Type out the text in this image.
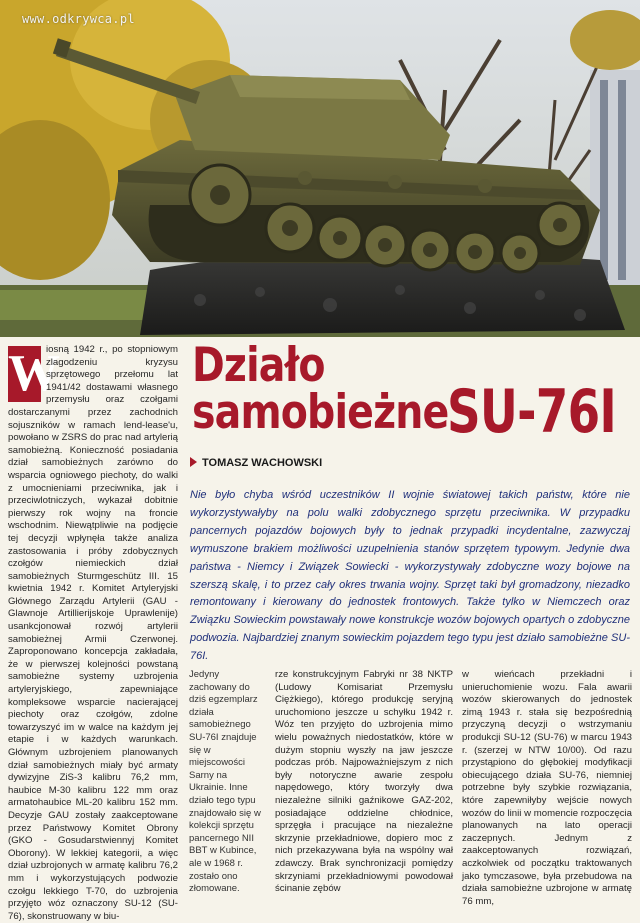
www.odkrywca.pl
Działo
samobieżne
SU-76I
TOMASZ WACHOWSKI
Nie było chyba wśród uczestników II wojnie światowej takich państw, które nie wykorzystywałyby na polu walki zdobycznego sprzętu przeciwnika. W przypadku pancernych pojazdów bojowych były to jednak przypadki incydentalne, zazwyczaj wymuszone brakiem możliwości uzupełnienia stanów sprzętem typowym. Jedynie dwa państwa - Niemcy i Związek Sowiecki - wykorzystywały zdobyczne wozy bojowe na szerszą skalę, i to przez cały okres trwania wojny. Sprzęt taki był gromadzony, niezadko remontowany i kierowany do jednostek frontowych. Także tylko w Niemczech oraz Związku Sowieckim powstawały nowe konstrukcje wozów bojowych opartych o zdobyczne podwozia. Najbardziej znanym sowieckim pojazdem tego typu jest działo samobieżne SU-76I.
W
iosną 1942 r., po stopniowym zlagodzeniu kryzysu sprzętowego przełomu lat 1941/42 dostawami własnego przemysłu oraz czołgami dostarczanymi przez zachodnich sojuszników w ramach lend-lease'u, powołano w ZSRS do prac nad artylerią samobieżną. Konieczność posiadania dział samobieżnych zarówno do wsparcia ogniowego piechoty, do walki z umocnieniami przeciwnika, jak i przeciwlotniczych, wykazał dobitnie pierwszy rok wojny na froncie wschodnim. Niewątpliwie na podjęcie tej decyzji wpłynęła także analiza zastosowania i próby zdobycznych czołgów niemieckich dział samobieżnych Sturmgeschütz III. 15 kwietnia 1942 r. Komitet Artyleryjski Głównego Zarządu Artylerii (GAU - Glawnoje Artillierijskoje Uprawlenije) usankcjonował rozwój artylerii samobieżnej Armii Czerwonej. Zaproponowano koncepcja zakładała, że w pierwszej kolejności powstaną samobieżne systemy uzbrojenia artyleryjskiego, zapewniające kompleksowe wsparcie nacierającej piechoty oraz czołgów, zdolne towarzyszyć im w walce na każdym jej etapie i w każdych warunkach. Głównym uzbrojeniem planowanych dział samobieżnych miały być armaty dywizyjne ZiS-3 kalibru 76,2 mm, haubice M-30 kalibru 122 mm oraz armatohaubice ML-20 kalibru 152 mm. Decyzje GAU zostały zaakceptowane przez Państwowy Komitet Obrony (GKO - Gosudarstwiennyj Komitet Oborony). W lekkiej kategorii, a więc dział uzbrojonych w armatę kalibru 76,2 mm i wykorzystujących podwozie czołgu lekkiego T-70, do uzbrojenia przyjęto wóz oznaczony SU-12 (SU-76), skonstruowany w biu-
Jedyny zachowany do dziś egzemplarz działa samobieżnego SU-76I znajduje się w miejscowości Sarny na Ukrainie. Inne działo tego typu znajdowało się w kolekcji sprzętu pancernego NII BBT w Kubince, ale w 1968 r. zostało ono złomowane.
rze konstrukcyjnym Fabryki nr 38 NKTP (Ludowy Komisariat Przemysłu Ciężkiego), którego produkcję seryjną uruchomiono jeszcze u schyłku 1942 r. Wóz ten przyjęto do uzbrojenia mimo wielu poważnych niedostatków, które w dużym stopniu wyszły na jaw jeszcze podczas prób. Najpoważniejszym z nich były notoryczne awarie zespołu napędowego, który tworzyły dwa niezależne silniki gaźnikowe GAZ-202, posiadające oddzielne chłodnice, sprzęgła i pracujące na niezależne skrzynie przekładniowe, dopiero moc z nich przekazywana była na wspólny wał zdawczy. Brak synchronizacji pomiędzy skrzyniami przekładniowymi powodował ścinanie zębów
w wieńcach przekładni i unieruchomienie wozu. Fala awarii wozów skierowanych do jednostek zimą 1943 r. stała się bezpośrednią przyczyną decyzji o wstrzymaniu produkcji SU-12 (SU-76) w marcu 1943 r. (szerzej w NTW 10/00). Od razu przystąpiono do głębokiej modyfikacji obiecującego działa SU-76, niemniej potrzebne były szybkie rozwiązania, które zapewniłyby wejście nowych wozów do linii w momencie rozpoczęcia planowanych na lato operacji zaczepnych. Jednym z zaakceptowanych rozwiązań, aczkolwiek od początku traktowanych jako tymczasowe, była przebudowa na działa samobieżne uzbrojone w armatę 76 mm,
